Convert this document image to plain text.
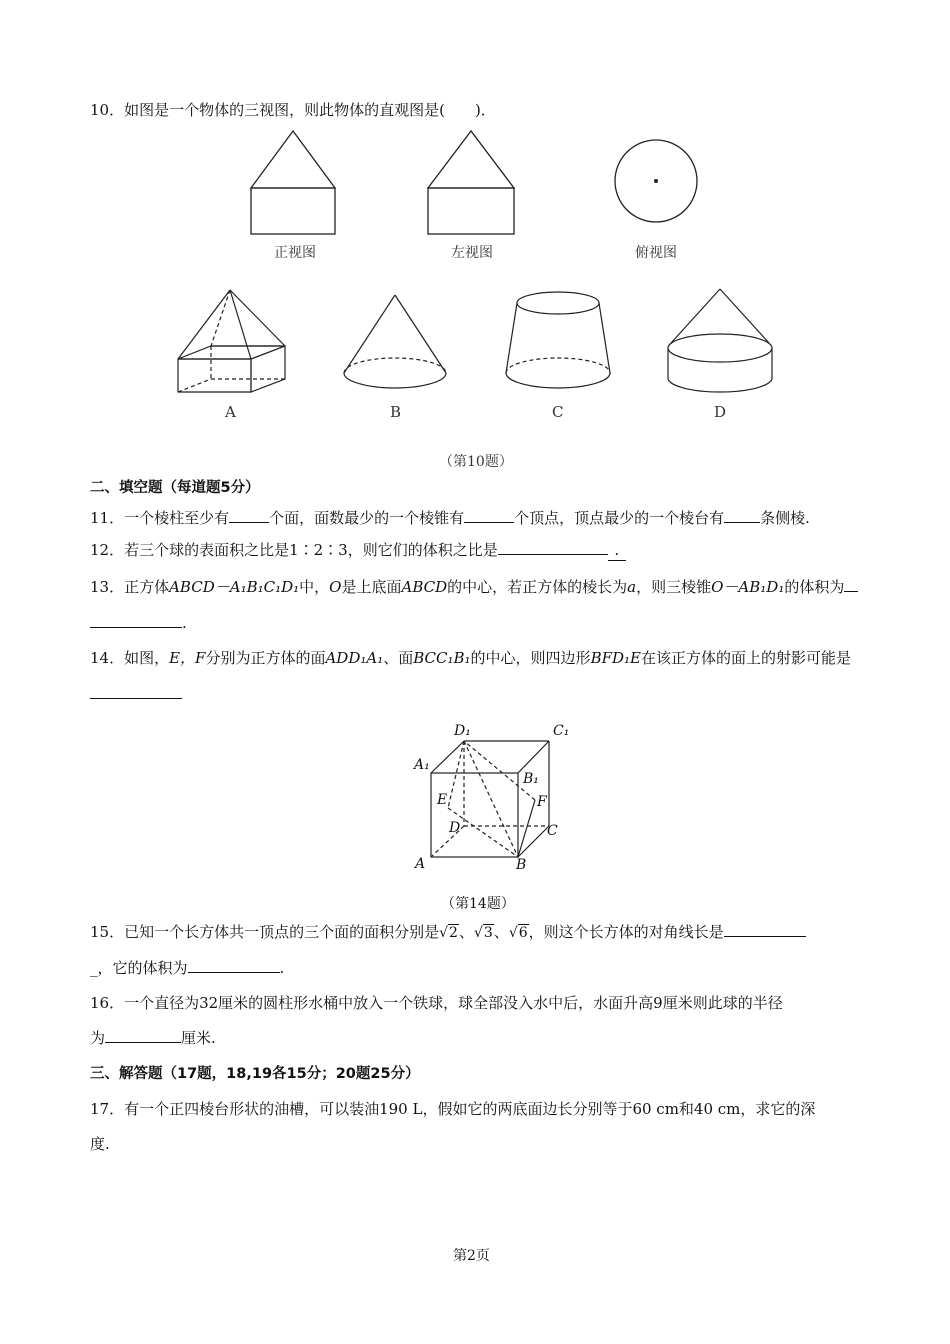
10．如图是一个物体的三视图，则此物体的直观图是(　　)．
正视图	左视图	俯视图
A	B	C	D
（第10题）
二、填空题（每道题5分）
11．一个棱柱至少有	个面，面数最少的一个棱锥有	个顶点，顶点最少的一个棱台有 条侧棱.
12．若三个球的表面积之比是1∶2∶3，则它们的体积之比是	.
13．正方体ABCD－A₁B₁C₁D₁中，O是上底面ABCD的中心，若正方体的棱长为a，则三棱锥O－AB₁D₁的体积为
.
14．如图，E，F分别为正方体的面ADD₁A₁、面BCC₁B₁的中心，则四边形BFD₁E在该正方体的面上的射影可能是
D₁	C₁
A₁
B₁
E	F
D	C
A	B
（第14题）
15．已知一个长方体共一顶点的三个面的面积分别是√2、√3、√6，则这个长方体的对角线长是
_，它的体积为	.
16．一个直径为32厘米的圆柱形水桶中放入一个铁球，球全部没入水中后，水面升高9厘米则此球的半径
为	厘米.
三、解答题（17题，18,19各15分；20题25分）
17．有一个正四棱台形状的油槽，可以装油190 L，假如它的两底面边长分别等于60 cm和40 cm，求它的深
度.
第2页
